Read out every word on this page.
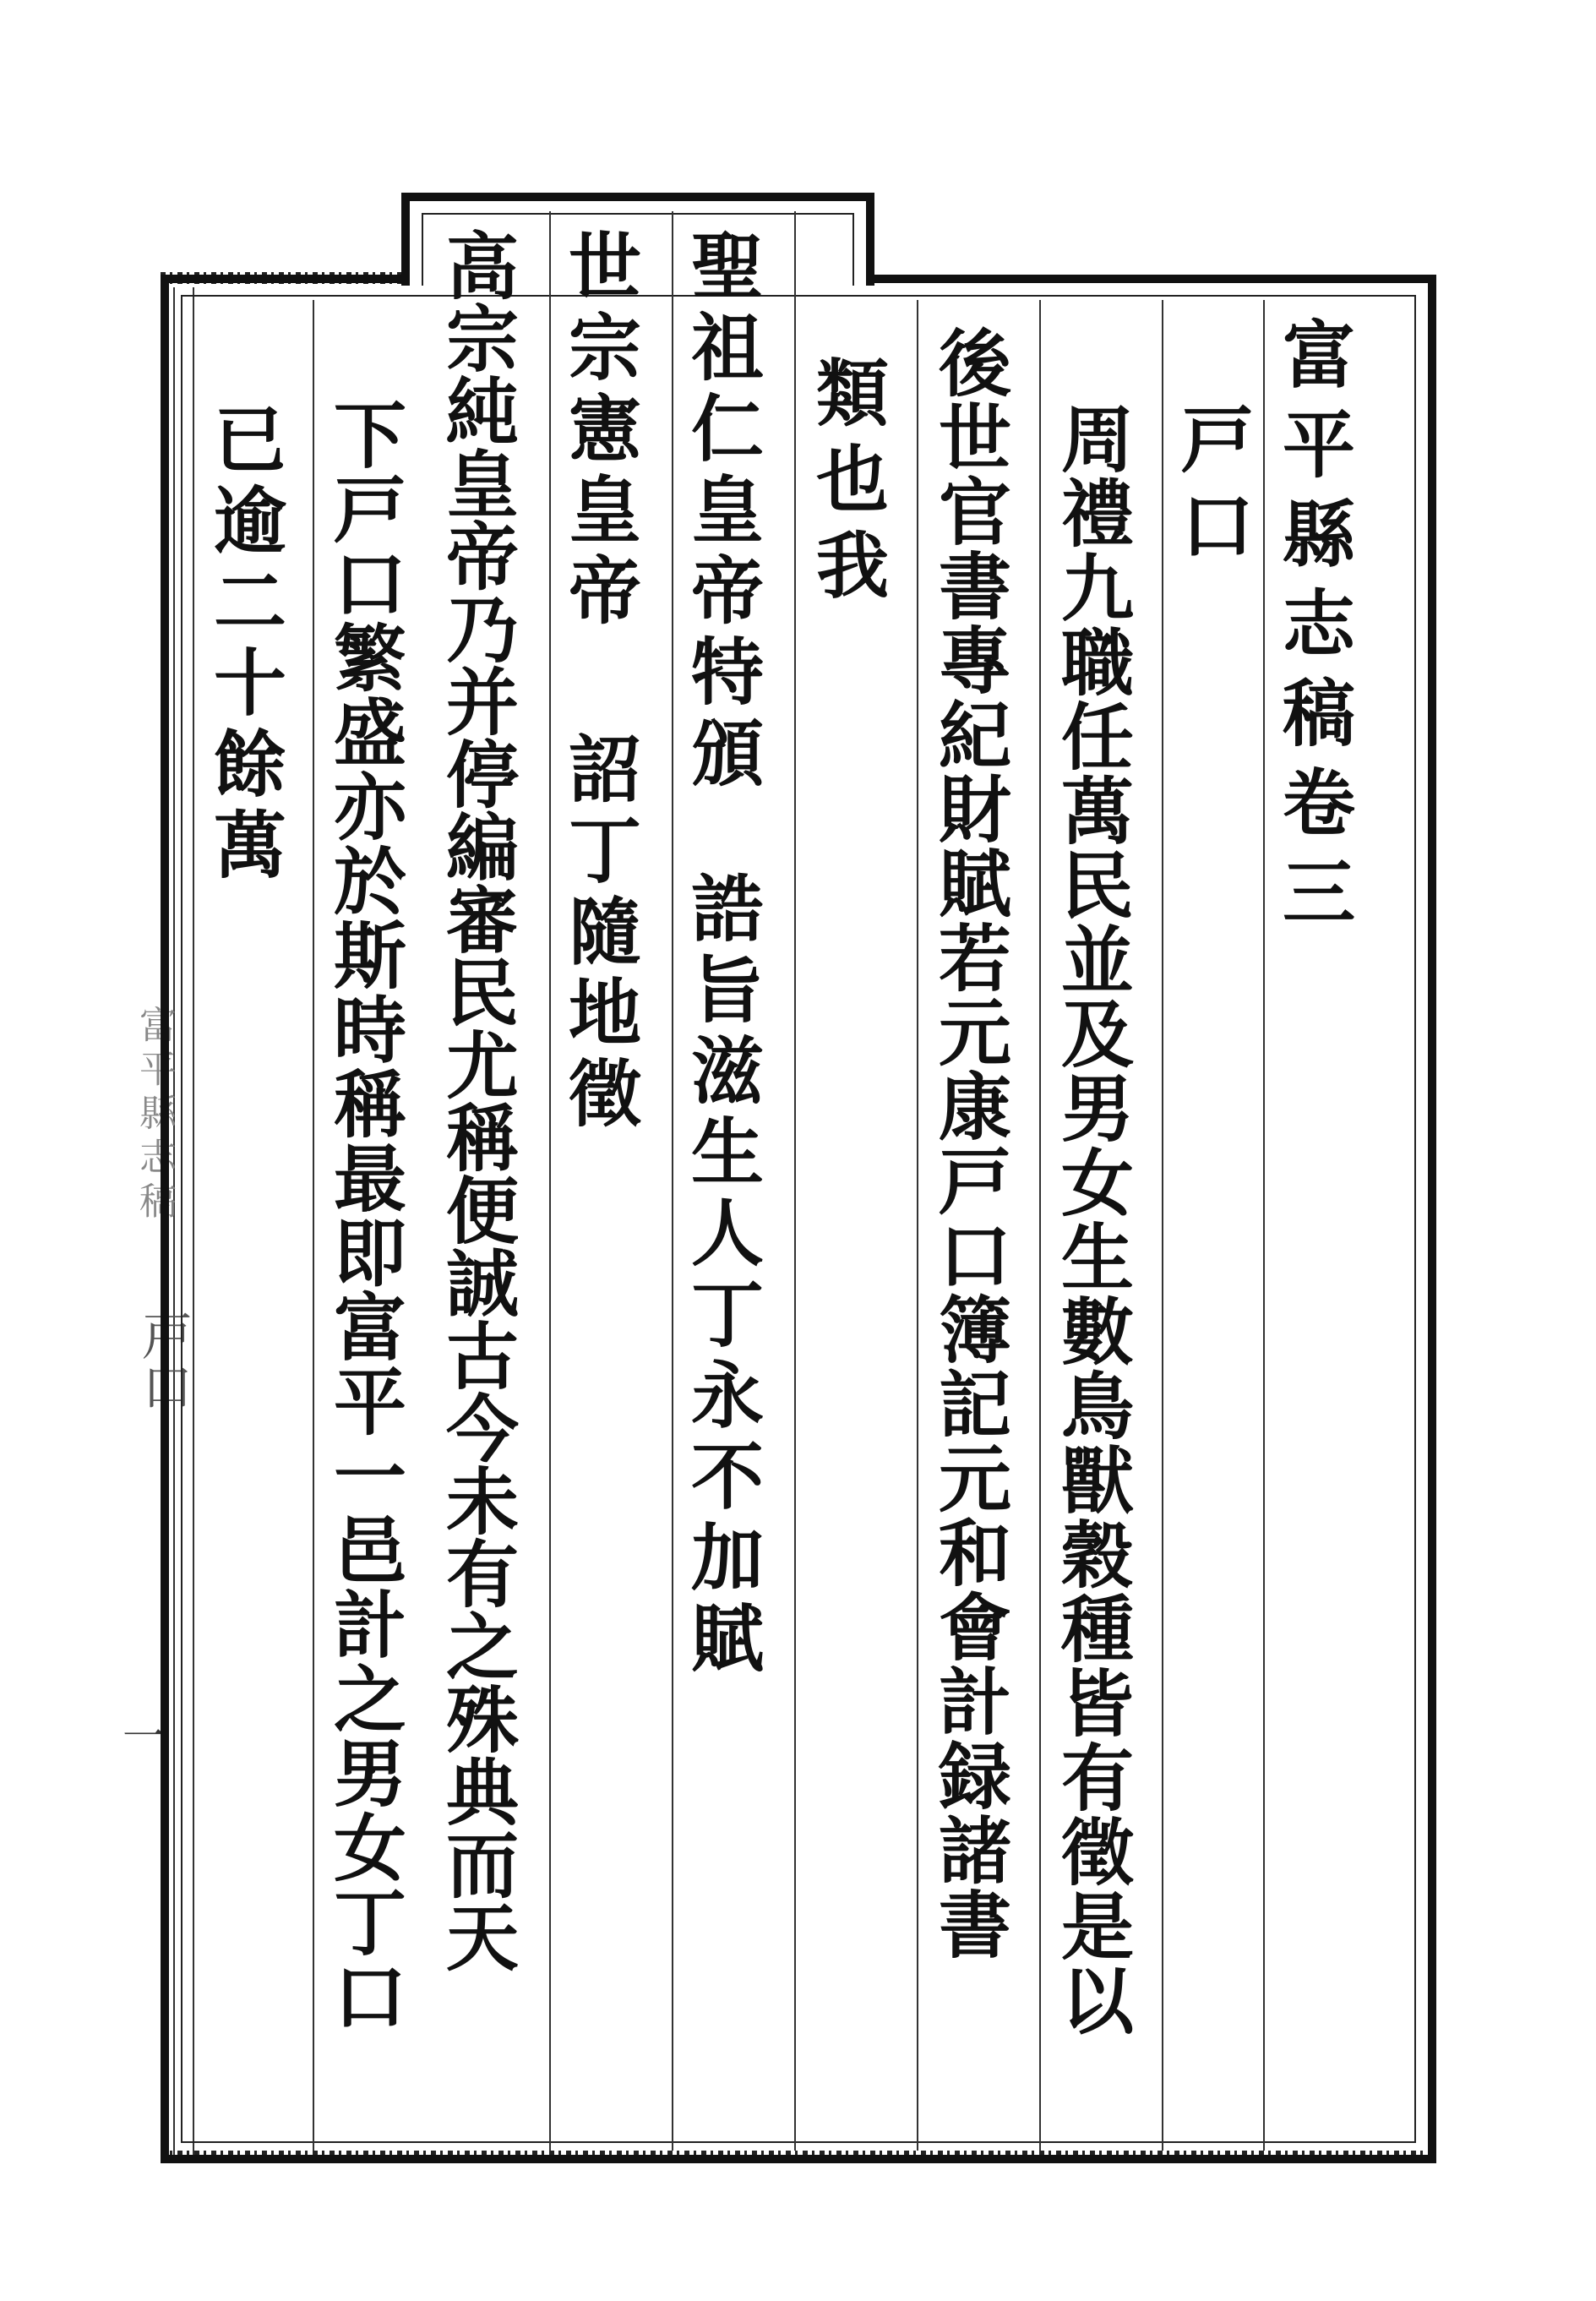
富平縣志稿
戸口
一
富平縣志稿卷三
戸口
周禮九職任萬民並及男女生數鳥獸穀種皆有徵是以
後世官書專紀財賦若元康戸口簿記元和會計録諸書
類也我
聖祖仁皇帝特頒
誥旨滋生人丁永不加賦
世宗憲皇帝
詔丁隨地徵
高宗純皇帝乃并停編審民尤稱便誠古今未有之殊典而天
下戸口繁盛亦於斯時稱最即富平一邑計之男女丁口
已逾二十餘萬
